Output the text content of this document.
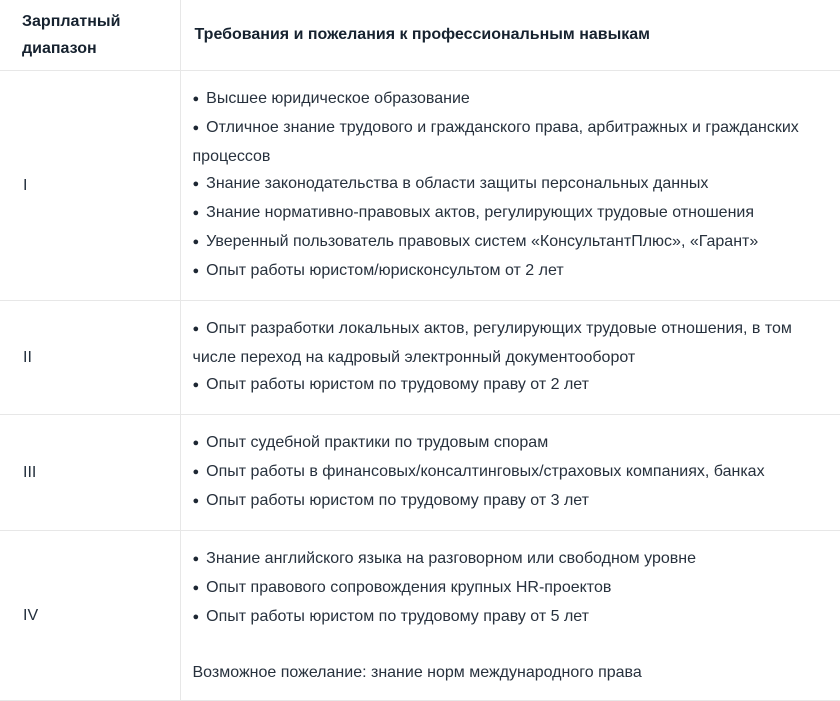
Зарплатный диапазон	Требования и пожелания к профессиональным навыкам
I	
● Высшее юридическое образование
● Отличное знание трудового и гражданского права, арбитражных и гражданских процессов
● Знание законодательства в области защиты персональных данных
● Знание нормативно-правовых актов, регулирующих трудовые отношения
● Уверенный пользователь правовых систем «КонсультантПлюс», «Гарант»
● Опыт работы юристом/юрисконсультом от 2 лет

II	● Опыт разработки локальных актов, регулирующих трудовые отношения, в том числе переход на кадровый электронный документооборот
● Опыт работы юристом по трудовому праву от 2 лет

III	● Опыт судебной практики по трудовым спорам
● Опыт работы в финансовых/консалтинговых/страховых компаниях, банках
● Опыт работы юристом по трудовому праву от 3 лет

IV	● Знание английского языка на разговорном или свободном уровне
● Опыт правового сопровождения крупных HR-проектов
● Опыт работы юристом по трудовому праву от 5 лет
Возможное пожелание: знание норм международного права
